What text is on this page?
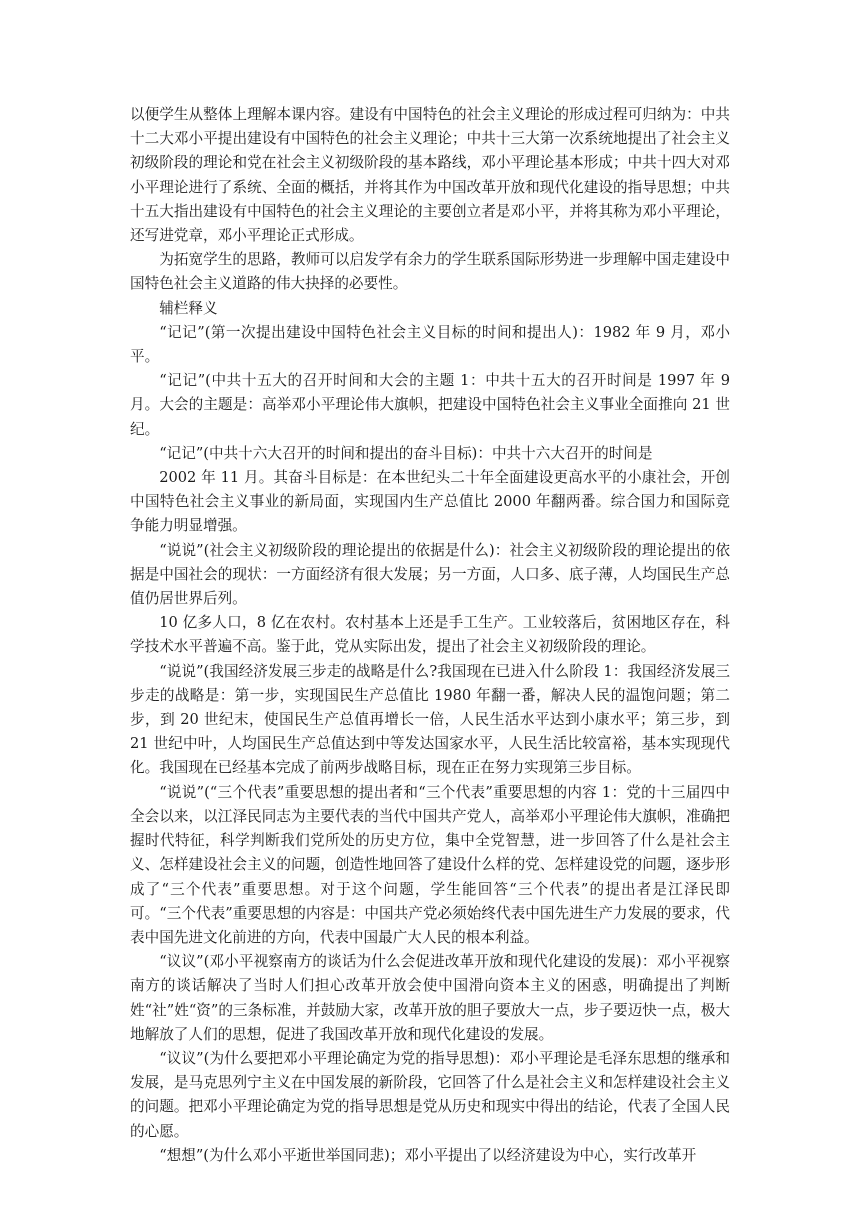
以便学生从整体上理解本课内容。建设有中国特色的社会主义理论的形成过程可归纳为：中共十二大邓小平提出建设有中国特色的社会主义理论；中共十三大第一次系统地提出了社会主义初级阶段的理论和党在社会主义初级阶段的基本路线，邓小平理论基本形成；中共十四大对邓小平理论进行了系统、全面的概括，并将其作为中国改革开放和现代化建设的指导思想；中共十五大指出建设有中国特色的社会主义理论的主要创立者是邓小平，并将其称为邓小平理论，还写进党章，邓小平理论正式形成。

为拓宽学生的思路，教师可以启发学有余力的学生联系国际形势进一步理解中国走建设中国特色社会主义道路的伟大抉择的必要性。

辅栏释义

“记记”(第一次提出建设中国特色社会主义目标的时间和提出人)：1982 年 9 月，邓小平。

“记记”(中共十五大的召开时间和大会的主题 1：中共十五大的召开时间是 1997 年 9 月。大会的主题是：高举邓小平理论伟大旗帜，把建设中国特色社会主义事业全面推向 21 世纪。

“记记”(中共十六大召开的时间和提出的奋斗目标)：中共十六大召开的时间是

2002 年 11 月。其奋斗目标是：在本世纪头二十年全面建设更高水平的小康社会，开创中国特色社会主义事业的新局面，实现国内生产总值比 2000 年翻两番。综合国力和国际竞争能力明显增强。

“说说”(社会主义初级阶段的理论提出的依据是什么)：社会主义初级阶段的理论提出的依据是中国社会的现状：一方面经济有很大发展；另一方面，人口多、底子薄，人均国民生产总值仍居世界后列。

10 亿多人口，8 亿在农村。农村基本上还是手工生产。工业较落后，贫困地区存在，科学技术水平普遍不高。鉴于此，党从实际出发，提出了社会主义初级阶段的理论。

“说说”(我国经济发展三步走的战略是什么?我国现在已进入什么阶段 1：我国经济发展三步走的战略是：第一步，实现国民生产总值比 1980 年翻一番，解决人民的温饱问题；第二步，到 20 世纪末，使国民生产总值再增长一倍，人民生活水平达到小康水平；第三步，到 21 世纪中叶，人均国民生产总值达到中等发达国家水平，人民生活比较富裕，基本实现现代化。我国现在已经基本完成了前两步战略目标，现在正在努力实现第三步目标。

“说说”(“三个代表”重要思想的提出者和“三个代表”重要思想的内容 1：党的十三届四中全会以来，以江泽民同志为主要代表的当代中国共产党人，高举邓小平理论伟大旗帜，准确把握时代特征，科学判断我们党所处的历史方位，集中全党智慧，进一步回答了什么是社会主义、怎样建设社会主义的问题，创造性地回答了建设什么样的党、怎样建设党的问题，逐步形成了“三个代表”重要思想。对于这个问题，学生能回答“三个代表”的提出者是江泽民即可。“三个代表”重要思想的内容是：中国共产党必须始终代表中国先进生产力发展的要求，代表中国先进文化前进的方向，代表中国最广大人民的根本利益。

“议议”(邓小平视察南方的谈话为什么会促进改革开放和现代化建设的发展)：邓小平视察南方的谈话解决了当时人们担心改革开放会使中国滑向资本主义的困惑，明确提出了判断姓“社”姓“资”的三条标准，并鼓励大家，改革开放的胆子要放大一点，步子要迈快一点，极大地解放了人们的思想，促进了我国改革开放和现代化建设的发展。

“议议”(为什么要把邓小平理论确定为党的指导思想)：邓小平理论是毛泽东思想的继承和发展，是马克思列宁主义在中国发展的新阶段，它回答了什么是社会主义和怎样建设社会主义的问题。把邓小平理论确定为党的指导思想是党从历史和现实中得出的结论，代表了全国人民的心愿。

“想想”(为什么邓小平逝世举国同悲)；邓小平提出了以经济建设为中心，实行改革开
